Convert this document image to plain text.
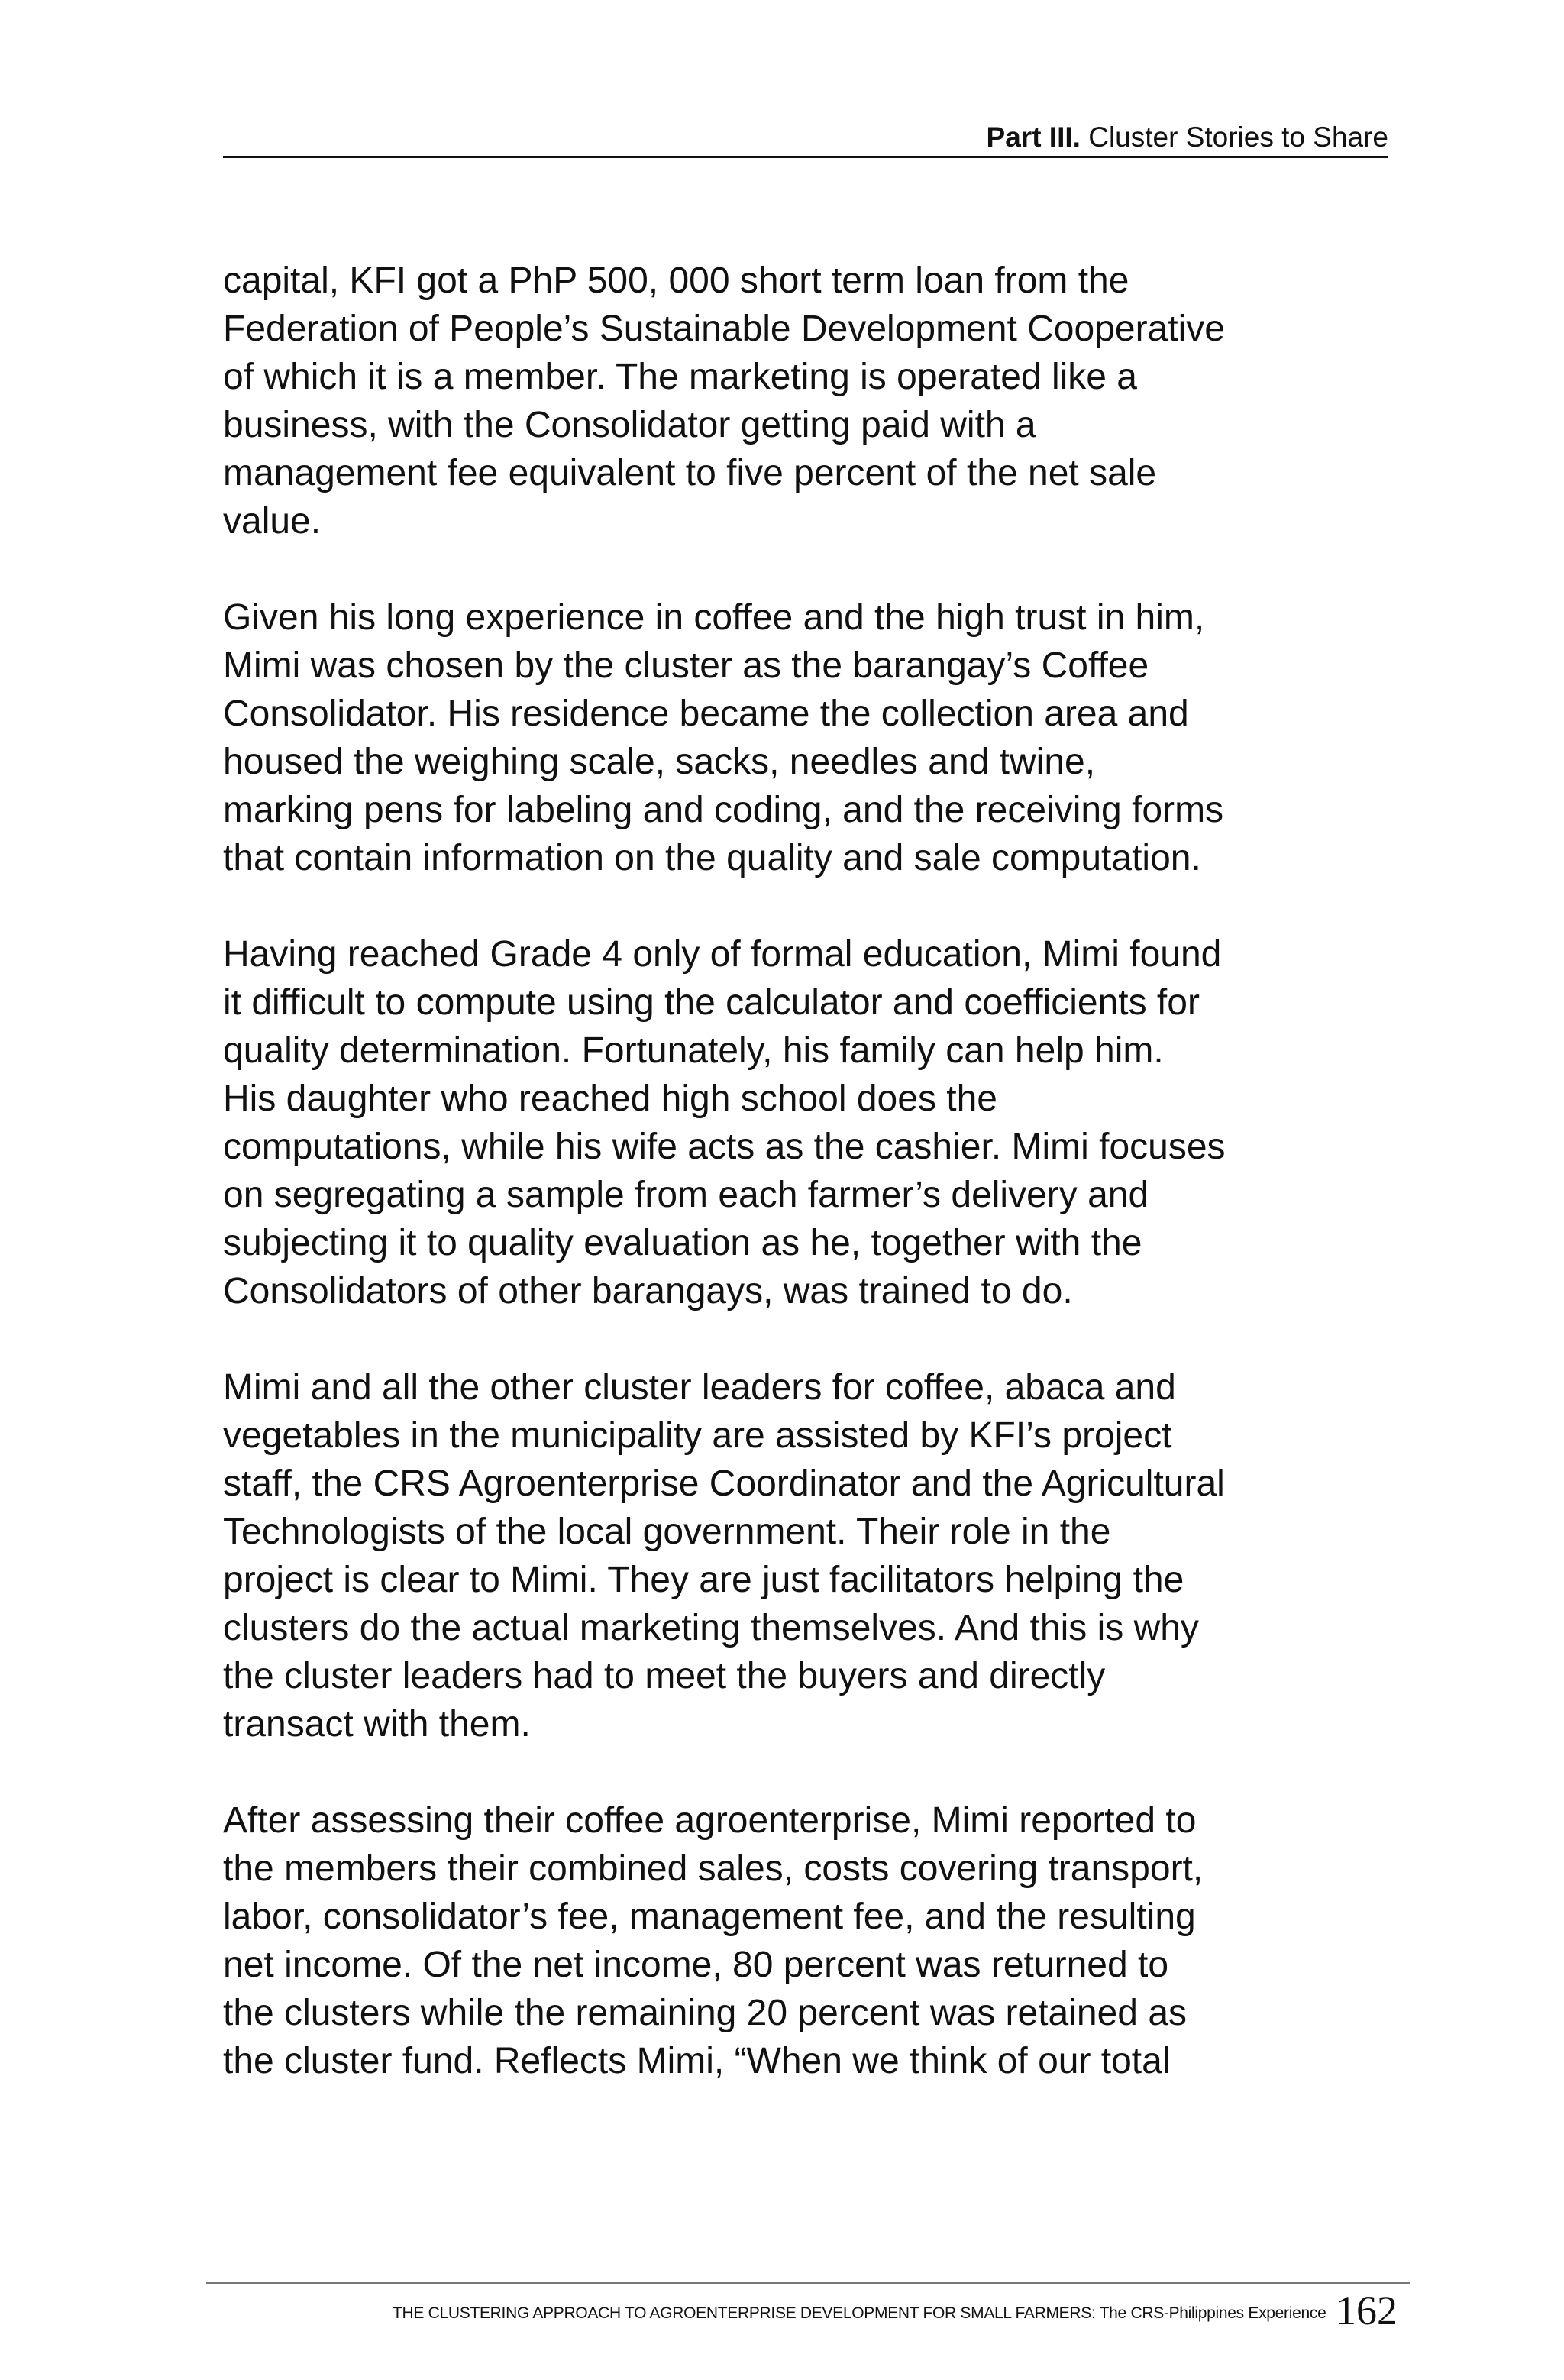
Part III. Cluster Stories to Share

capital, KFI got a PhP 500, 000 short term loan from the
Federation of People’s Sustainable Development Cooperative
of which it is a member. The marketing is operated like a
business, with the Consolidator getting paid with a
management fee equivalent to five percent of the net sale
value.

Given his long experience in coffee and the high trust in him,
Mimi was chosen by the cluster as the barangay’s Coffee
Consolidator. His residence became the collection area and
housed the weighing scale, sacks, needles and twine,
marking pens for labeling and coding, and the receiving forms
that contain information on the quality and sale computation.

Having reached Grade 4 only of formal education, Mimi found
it difficult to compute using the calculator and coefficients for
quality determination. Fortunately, his family can help him.
His daughter who reached high school does the
computations, while his wife acts as the cashier. Mimi focuses
on segregating a sample from each farmer’s delivery and
subjecting it to quality evaluation as he, together with the
Consolidators of other barangays, was trained to do.

Mimi and all the other cluster leaders for coffee, abaca and
vegetables in the municipality are assisted by KFI’s project
staff, the CRS Agroenterprise Coordinator and the Agricultural
Technologists of the local government. Their role in the
project is clear to Mimi. They are just facilitators helping the
clusters do the actual marketing themselves. And this is why
the cluster leaders had to meet the buyers and directly
transact with them.

After assessing their coffee agroenterprise, Mimi reported to
the members their combined sales, costs covering transport,
labor, consolidator’s fee, management fee, and the resulting
net income. Of the net income, 80 percent was returned to
the clusters while the remaining 20 percent was retained as
the cluster fund. Reflects Mimi, “When we think of our total

THE CLUSTERING APPROACH TO AGROENTERPRISE DEVELOPMENT FOR SMALL FARMERS: The CRS-Philippines Experience 162
